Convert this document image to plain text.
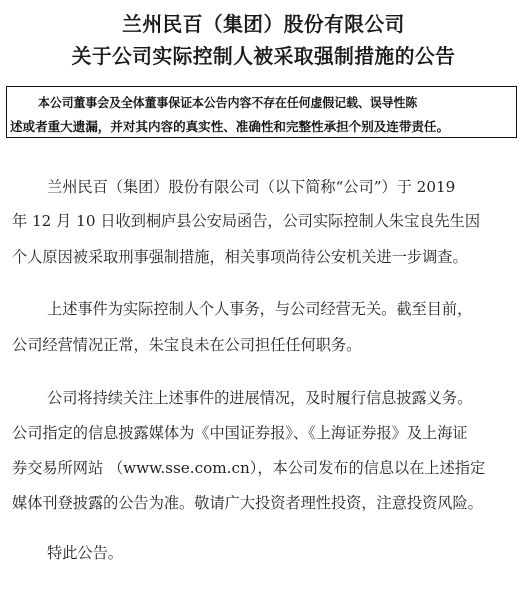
兰州民百（集团）股份有限公司
关于公司实际控制人被采取强制措施的公告
本公司董事会及全体董事保证本公告内容不存在任何虚假记载、误导性陈
述或者重大遗漏，并对其内容的真实性、准确性和完整性承担个别及连带责任。
兰州民百（集团）股份有限公司（以下简称“公司”）于 2019
年 12 月 10 日收到桐庐县公安局函告，公司实际控制人朱宝良先生因
个人原因被采取刑事强制措施，相关事项尚待公安机关进一步调查。
上述事件为实际控制人个人事务，与公司经营无关。截至目前，
公司经营情况正常，朱宝良未在公司担任任何职务。
公司将持续关注上述事件的进展情况，及时履行信息披露义务。
公司指定的信息披露媒体为《中国证券报》、《上海证券报》及上海证
券交易所网站 （www.sse.com.cn），本公司发布的信息以在上述指定
媒体刊登披露的公告为准。敬请广大投资者理性投资，注意投资风险。
特此公告。
